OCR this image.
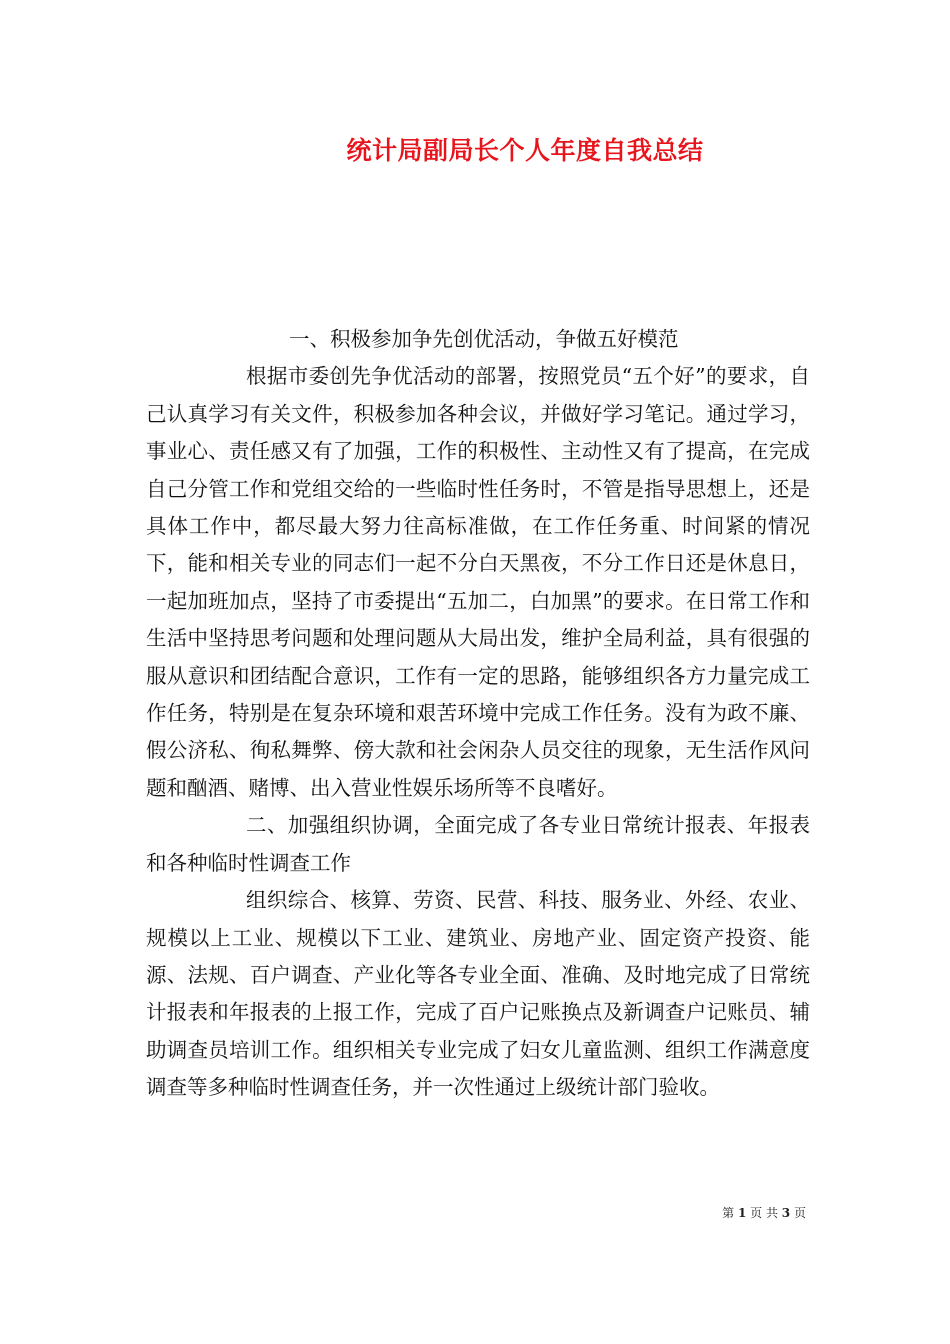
统计局副局长个人年度自我总结

一、积极参加争先创优活动，争做五好模范

根据市委创先争优活动的部署，按照党员“五个好”的要求，自己认真学习有关文件，积极参加各种会议，并做好学习笔记。通过学习，事业心、责任感又有了加强，工作的积极性、主动性又有了提高，在完成自己分管工作和党组交给的一些临时性任务时，不管是指导思想上，还是具体工作中，都尽最大努力往高标准做，在工作任务重、时间紧的情况下，能和相关专业的同志们一起不分白天黑夜，不分工作日还是休息日，一起加班加点，坚持了市委提出“五加二，白加黑”的要求。在日常工作和生活中坚持思考问题和处理问题从大局出发，维护全局利益，具有很强的服从意识和团结配合意识，工作有一定的思路，能够组织各方力量完成工作任务，特别是在复杂环境和艰苦环境中完成工作任务。没有为政不廉、假公济私、徇私舞弊、傍大款和社会闲杂人员交往的现象，无生活作风问题和酗酒、赌博、出入营业性娱乐场所等不良嗜好。

二、加强组织协调，全面完成了各专业日常统计报表、年报表和各种临时性调查工作

组织综合、核算、劳资、民营、科技、服务业、外经、农业、规模以上工业、规模以下工业、建筑业、房地产业、固定资产投资、能源、法规、百户调查、产业化等各专业全面、准确、及时地完成了日常统计报表和年报表的上报工作，完成了百户记账换点及新调查户记账员、辅助调查员培训工作。组织相关专业完成了妇女儿童监测、组织工作满意度调查等多种临时性调查任务，并一次性通过上级统计部门验收。

第 1 页 共 3 页
